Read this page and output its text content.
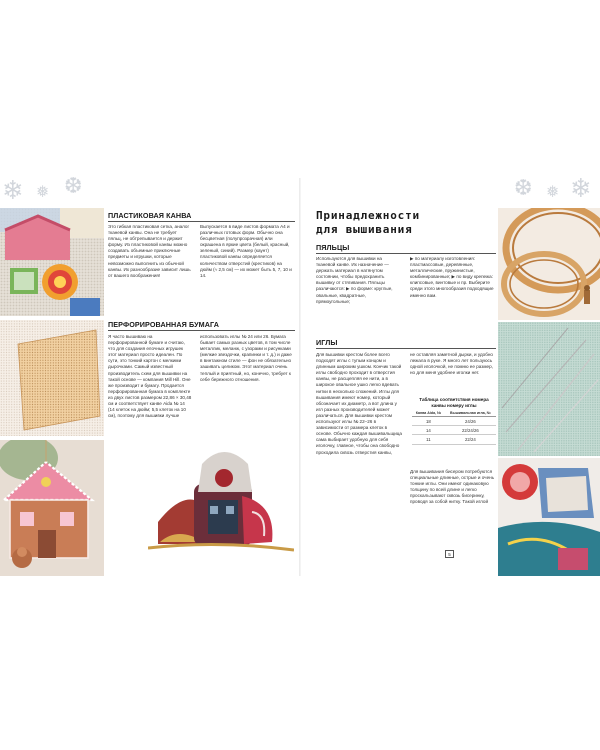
❄ ❅ ❆	❆ ❅ ❄
ПЛАСТИКОВАЯ КАНВА
Это гибкая пластиковая сетка, аналог тканевой канвы. Она не требует пяльц, не обтрепывается и держит форму. Из пластиковой канвы можно создавать объемные приключные предметы и игрушки, которые невозможно выполнить из обычной канвы. Их разнообразие зависит лишь от вашего воображения!
Выпускается в виде листов формата А4 и различных готовых форм. Обычно она бесцветная (полупрозрачная) или окрашена в яркие цвета (белый, красный, зеленый, синий). Размер (каунт) пластиковой канвы определяется количеством отверстий (крестиков) на дюйм (≈ 2,5 см) — их может быть 5, 7, 10 и 14.
ПЕРФОРИРОВАННАЯ БУМАГА
Я часто вышиваю на перфорированной бумаге и считаю, что для создания елочных игрушек этот материал просто идеален. По сути, это тонкий картон с мелкими дырочками. Самый известный производитель схем для вышивки на такой основе — компания Mill Hill. Оне же производит и бумагу. Продается перфорированная бумага в комплекте из двух листов размером 22,86 × 30,48 см и соответствует канве Aida № 14 (14 клеток на дюйм; 5,5 клеток на 10 см), поэтому для вышивки лучше
использовать иглы № 24 или 26. Бумага бывает самых разных цветов, в том числе металлик, меланж, с узорами и рисунками (мелкие звездочки, крапинки и т. д.) и даже в винтажном стиле — фон не обязательно зашивать целиком. Этот материал очень теплый и приятный, но, конечно, требует к себе бережного отношения.
Принадлежности
для вышивания
ПЯЛЬЦЫ
Используются для вышивки на тканевой канве. Их назначение — держать материал в натянутом состоянии, чтобы предохранить вышивку от стягивания. Пяльцы различаются: ▶ по форме: круглые, овальные, квадратные, прямоугольные;
▶ по материалу изготовления: пластмассовые, деревянные, металлические, пружинистые, комбинированные; ▶ по виду крепежа: клипсовые, винтовые и пр. Выберите среди этого многообразия подходящие именно вам.
ИГЛЫ
Для вышивки крестом более всего подходят иглы с тупым концом и длинным широким ушком. Кончик такой иглы свободно проходит в отверстия канвы, не расщепляя ее нити, а в широкое овальное ушко легко вдевать нитки в несколько сложений. Иглы для вышивания имеют номер, который обозначает их диаметр, а вот длина у игл разных производителей может различаться. Для вышивки крестом используют иглы № 22–26 в зависимости от размера клеток в основе. Обычно каждая вышивальщица сама выбирает удобную для себя иголочку, главное, чтобы она свободно проходила сквозь отверстия канвы,
не оставляя заметной дырки, и удобно лежала в руке. Я много лет пользуюсь одной иголочкой, не помню ее размер, но для меня удобнее иголки нет.
Таблица соответствия номера канвы номеру иглы
Канва Aida, №	Вышивальная игла, №
18	24/26
14	22/24/26
11	22/24
Для вышивания бисером потребуются специальные длинные, острые и очень тонкие иглы. Они имеют одинаковую толщину по всей длине и легко проскальзывают сквозь бисеринку, проводя за собой нитку. Такой иглой
5
